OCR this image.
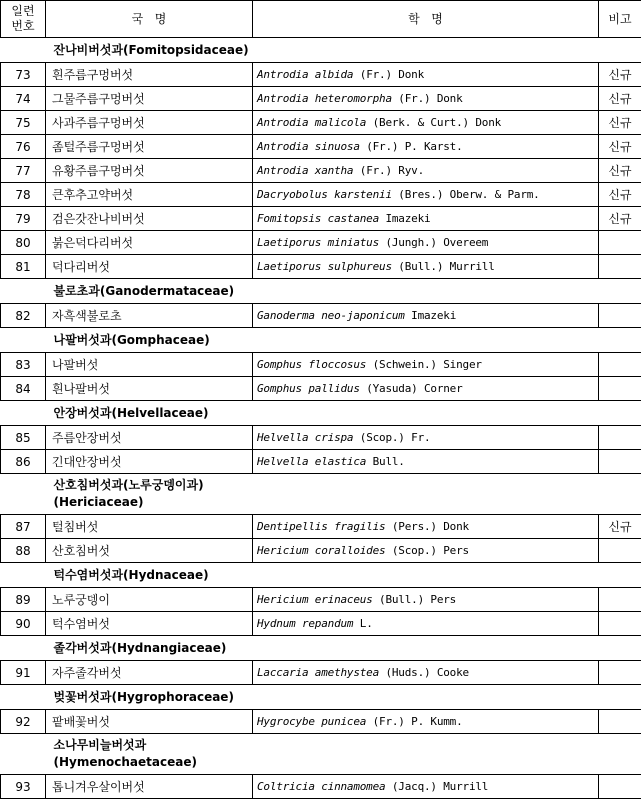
일련
번호	국   명	학   명	비고
	잔나비버섯과(Fomitopsidaceae)		
73	흰주름구멍버섯	Antrodia albida (Fr.) Donk	신규
74	그물주름구멍버섯	Antrodia heteromorpha (Fr.) Donk	신규
75	사과주름구멍버섯	Antrodia malicola (Berk. & Curt.) Donk	신규
76	좀털주름구멍버섯	Antrodia sinuosa (Fr.) P. Karst.	신규
77	유황주름구멍버섯	Antrodia xantha (Fr.) Ryv.	신규
78	큰후추고약버섯	Dacryobolus karstenii (Bres.) Oberw. & Parm.	신규
79	검은갓잔나비버섯	Fomitopsis castanea Imazeki	신규
80	붉은덕다리버섯	Laetiporus miniatus (Jungh.) Overeem	
81	덕다리버섯	Laetiporus sulphureus (Bull.) Murrill	
	불로초과(Ganodermataceae)		
82	자흑색불로초	Ganoderma neo-japonicum Imazeki	
	나팔버섯과(Gomphaceae)		
83	나팔버섯	Gomphus floccosus (Schwein.) Singer	
84	흰나팔버섯	Gomphus pallidus (Yasuda) Corner	
	안장버섯과(Helvellaceae)		
85	주름안장버섯	Helvella crispa (Scop.) Fr.	
86	긴대안장버섯	Helvella elastica Bull.	
	산호침버섯과(노루궁뎅이과)
(Hericiaceae)		
87	털침버섯	Dentipellis fragilis (Pers.) Donk	신규
88	산호침버섯	Hericium coralloides (Scop.) Pers	
	턱수염버섯과(Hydnaceae)		
89	노루궁뎅이	Hericium erinaceus (Bull.) Pers	
90	턱수염버섯	Hydnum repandum L.	
	졸각버섯과(Hydnangiaceae)		
91	자주졸각버섯	Laccaria amethystea (Huds.) Cooke	
	벚꽃버섯과(Hygrophoraceae)		
92	팥배꽃버섯	Hygrocybe punicea (Fr.) P. Kumm.	
	소나무비늘버섯과
(Hymenochaetaceae)		
93	톱니겨우살이버섯	Coltricia cinnamomea (Jacq.) Murrill	
